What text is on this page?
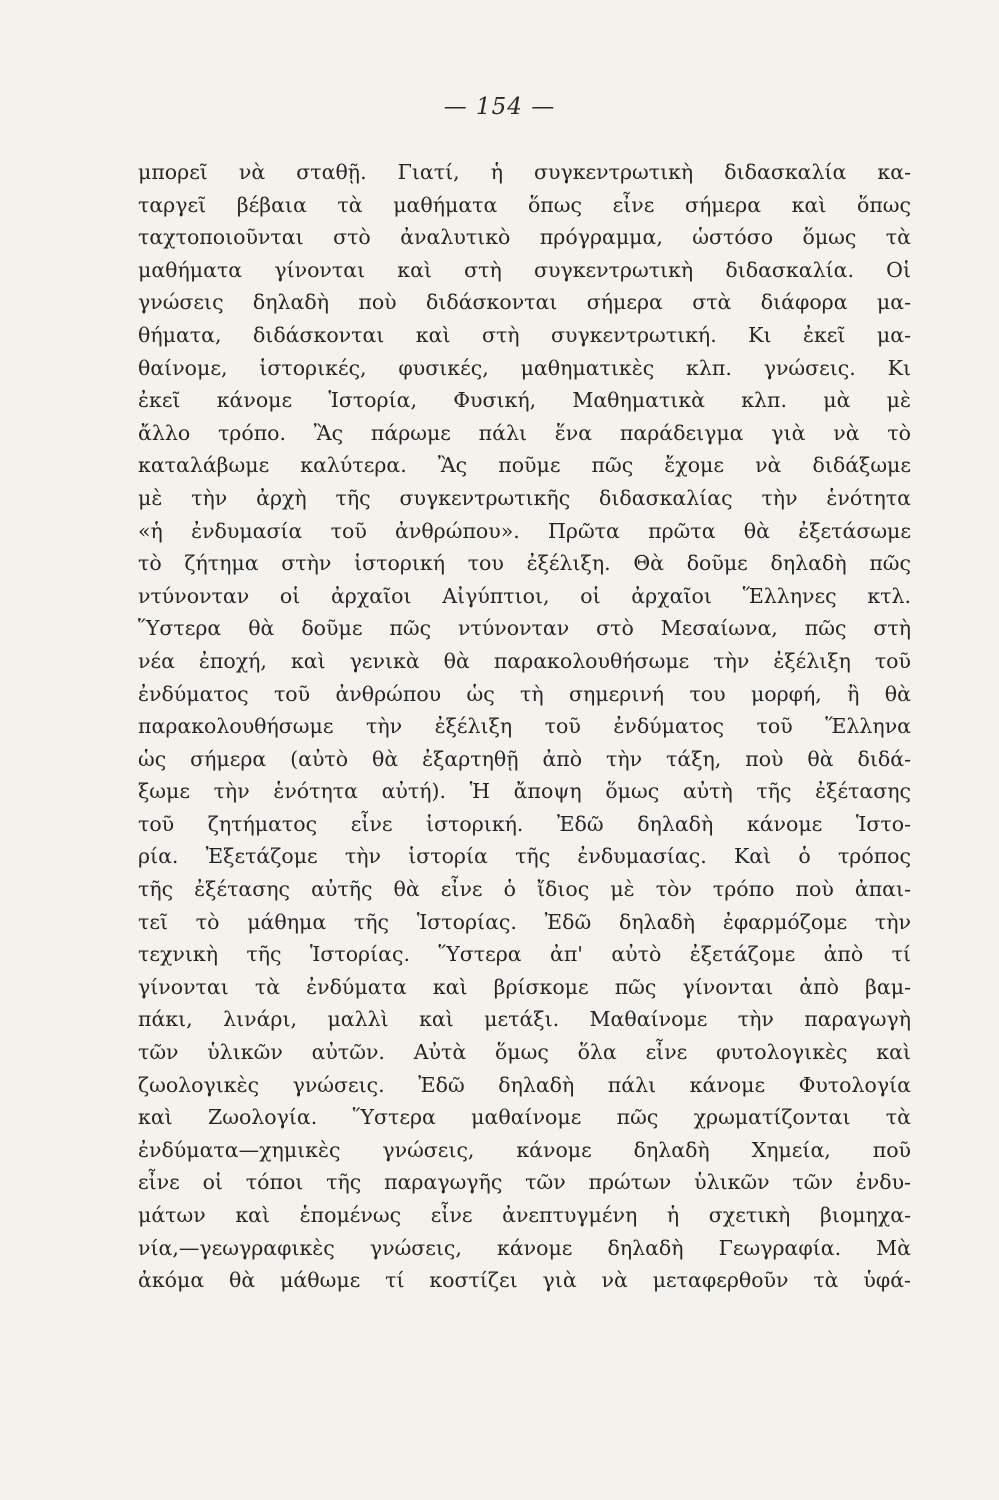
— 154 —
μπορεῖ νὰ σταθῇ. Γιατί, ἡ συγκεντρωτικὴ διδασκαλία κα-
ταργεῖ βέβαια τὰ μαθήματα ὅπως εἶνε σήμερα καὶ ὅπως
ταχτοποιοῦνται στὸ ἀναλυτικὸ πρόγραμμα, ὡστόσο ὅμως τὰ
μαθήματα γίνονται καὶ στὴ συγκεντρωτικὴ διδασκαλία. Οἱ
γνώσεις δηλαδὴ ποὺ διδάσκονται σήμερα στὰ διάφορα μα-
θήματα, διδάσκονται καὶ στὴ συγκεντρωτική. Κι ἐκεῖ μα-
θαίνομε, ἱστορικές, φυσικές, μαθηματικὲς κλπ. γνώσεις. Κι
ἐκεῖ κάνομε Ἱστορία, Φυσική, Μαθηματικὰ κλπ. μὰ μὲ
ἄλλο τρόπο. Ἂς πάρωμε πάλι ἕνα παράδειγμα γιὰ νὰ τὸ
καταλάβωμε καλύτερα. Ἂς ποῦμε πῶς ἔχομε νὰ διδάξωμε
μὲ τὴν ἀρχὴ τῆς συγκεντρωτικῆς διδασκαλίας τὴν ἑνότητα
«ἡ ἐνδυμασία τοῦ ἀνθρώπου». Πρῶτα πρῶτα θὰ ἐξετάσωμε
τὸ ζήτημα στὴν ἱστορική του ἐξέλιξη. Θὰ δοῦμε δηλαδὴ πῶς
ντύνονταν οἱ ἀρχαῖοι Αἰγύπτιοι, οἱ ἀρχαῖοι Ἕλληνες κτλ.
Ὕστερα θὰ δοῦμε πῶς ντύνονταν στὸ Μεσαίωνα, πῶς στὴ
νέα ἐποχή, καὶ γενικὰ θὰ παρακολουθήσωμε τὴν ἐξέλιξη τοῦ
ἐνδύματος τοῦ ἀνθρώπου ὡς τὴ σημερινή του μορφή, ἢ θὰ
παρακολουθήσωμε τὴν ἐξέλιξη τοῦ ἐνδύματος τοῦ Ἕλληνα
ὡς σήμερα (αὐτὸ θὰ ἐξαρτηθῇ ἀπὸ τὴν τάξη, ποὺ θὰ διδά-
ξωμε τὴν ἑνότητα αὐτή). Ἡ ἄποψη ὅμως αὐτὴ τῆς ἐξέτασης
τοῦ ζητήματος εἶνε ἱστορική. Ἐδῶ δηλαδὴ κάνομε Ἱστο-
ρία. Ἐξετάζομε τὴν ἱστορία τῆς ἐνδυμασίας. Καὶ ὁ τρόπος
τῆς ἐξέτασης αὐτῆς θὰ εἶνε ὁ ἴδιος μὲ τὸν τρόπο ποὺ ἀπαι-
τεῖ τὸ μάθημα τῆς Ἱστορίας. Ἐδῶ δηλαδὴ ἐφαρμόζομε τὴν
τεχνικὴ τῆς Ἱστορίας. Ὕστερα ἀπ' αὐτὸ ἐξετάζομε ἀπὸ τί
γίνονται τὰ ἐνδύματα καὶ βρίσκομε πῶς γίνονται ἀπὸ βαμ-
πάκι, λινάρι, μαλλὶ καὶ μετάξι. Μαθαίνομε τὴν παραγωγὴ
τῶν ὑλικῶν αὐτῶν. Αὐτὰ ὅμως ὅλα εἶνε φυτολογικὲς καὶ
ζωολογικὲς γνώσεις. Ἐδῶ δηλαδὴ πάλι κάνομε Φυτολογία
καὶ Ζωολογία. Ὕστερα μαθαίνομε πῶς χρωματίζονται τὰ
ἐνδύματα—χημικὲς γνώσεις, κάνομε δηλαδὴ Χημεία, ποῦ
εἶνε οἱ τόποι τῆς παραγωγῆς τῶν πρώτων ὑλικῶν τῶν ἐνδυ-
μάτων καὶ ἑπομένως εἶνε ἀνεπτυγμένη ἡ σχετικὴ βιομηχα-
νία,—γεωγραφικὲς γνώσεις, κάνομε δηλαδὴ Γεωγραφία. Μὰ
ἀκόμα θὰ μάθωμε τί κοστίζει γιὰ νὰ μεταφερθοῦν τὰ ὑφά-
